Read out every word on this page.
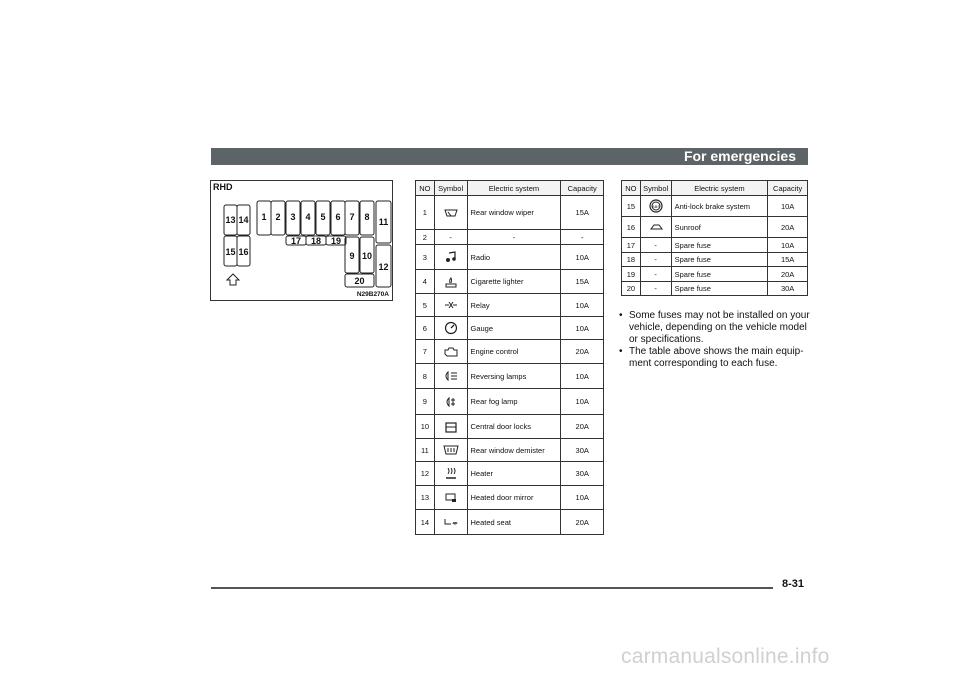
For emergencies
RHD
13 14
15 16
1 2 3 4 5 6 7 8 11
17 18 19
9 10
12
20
N29B270A
NO	Symbol	Electric system	Capacity
1		Rear window wiper	15A
2	-	-	-
3		Radio	10A
4		Cigarette lighter	15A
5		Relay	10A
6		Gauge	10A
7		Engine control	20A
8		Reversing lamps	10A
9		Rear fog lamp	10A
10		Central door locks	20A
11		Rear window demister	30A
12		Heater	30A
13		Heated door mirror	10A
14		Heated seat	20A
NO	Symbol	Electric system	Capacity
15	ABS	Anti-lock brake system	10A
16		Sunroof	20A
17	-	Spare fuse	10A
18	-	Spare fuse	15A
19	-	Spare fuse	20A
20	-	Spare fuse	30A
• Some fuses may not be installed on your
vehicle, depending on the vehicle model
or specifications.
• The table above shows the main equip-
ment corresponding to each fuse.
8-31
carmanualsonline.info
